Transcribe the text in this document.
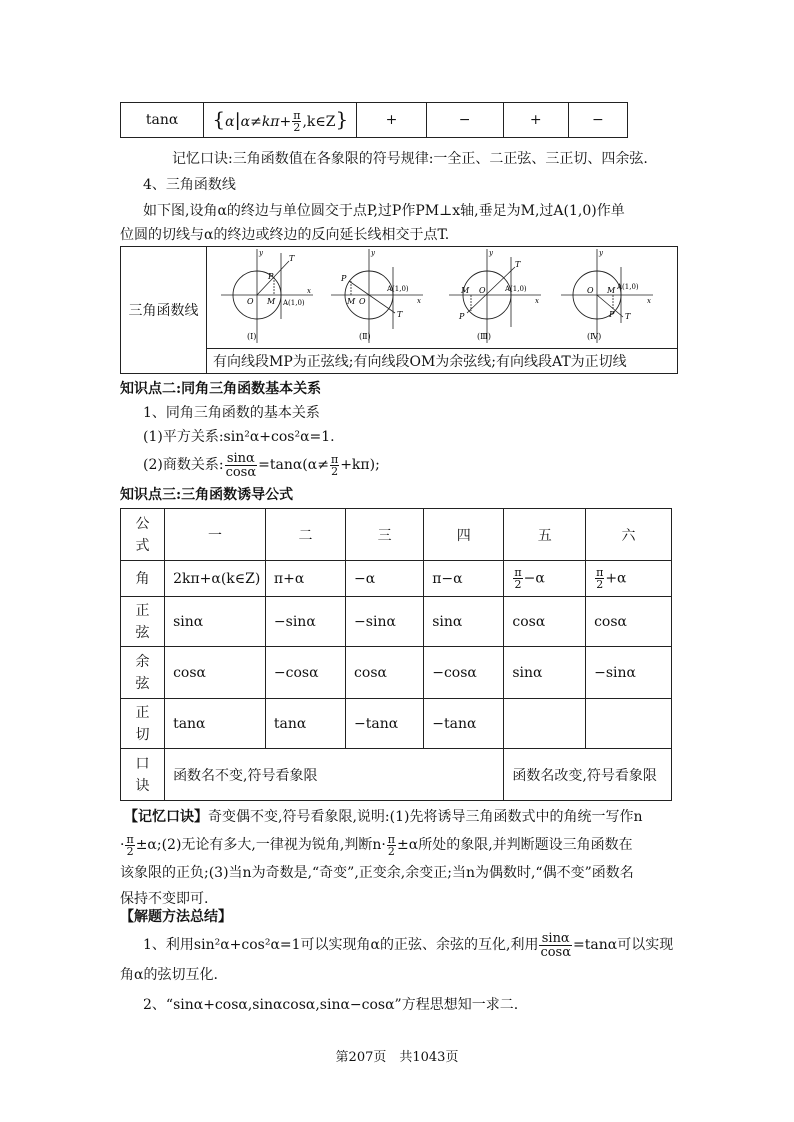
tanα	{$\alpha|\alpha\ne k\pi+ \frac{\pi}{2}$ ,k∈Z}	+	−	+	−
记忆口诀:三角函数值在各象限的符号规律:一全正、二正弦、三正切、四余弦.
4、三角函数线
如下图,设角α的终边与单位圆交于点P,过P作PM⊥x轴,垂足为M,过A(1,0)作单
位圆的切线与α的终边或终边的反向延长线相交于点T.
三角函数线	
O M
P
T
y
x
A(1,0)
(Ⅰ)
P
M O
T
y
x
A(1,0)
(Ⅱ)
M O
P
T
y
x
A(1,0)
(Ⅲ)
O M
P T
y
x
A(1,0)
(Ⅳ)

有向线段MP为正弦线;有向线段OM为余弦线;有向线段AT为正切线
知识点二:同角三角函数基本关系
1、同角三角函数的基本关系
(1)平方关系:sin²α+cos²α=1.
(2)商数关系: $\frac{\sin\alpha}{\cos\alpha} =\tan\alpha(\alpha\ne \frac{\pi}{2} +k\pi)$;
知识点三:三角函数诱导公式
公
式	一	二	三	四	五	六
角	2kπ+α(k∈Z)	π+α	−α	π−α	$\frac{\pi}{2} -\alpha$	$\frac{\pi}{2} +\alpha$
正
弦	sinα	−sinα	−sinα	sinα	cosα	cosα
余
弦	cosα	−cosα	cosα	−cosα	sinα	−sinα
正
切	tanα	tanα	−tanα	−tanα		
口
诀	函数名不变,符号看象限				函数名改变,符号看象限	
【记忆口诀】奇变偶不变,符号看象限,说明:(1)先将诱导三角函数式中的角统一写作n
· $\frac{\pi}{2}$ ±α;(2)无论有多大,一律视为锐角,判断$n\cdot \frac{\pi}{2} \pm\alpha$所处的象限,并判断题设三角函数在
该象限的正负;(3)当n为奇数是,“奇变”,正变余,余变正;当n为偶数时,“偶不变”函数名
保持不变即可.
【解题方法总结】
1、利用sin²α+cos²α=1可以实现角α的正弦、余弦的互化,利用 $\frac{\sin\alpha}{\cos\alpha} =\tan\alpha$可以实现
角α的弦切互化.
2、“sinα+cosα,sinαcosα,sinα−cosα”方程思想知一求二.
第207页　共1043页
